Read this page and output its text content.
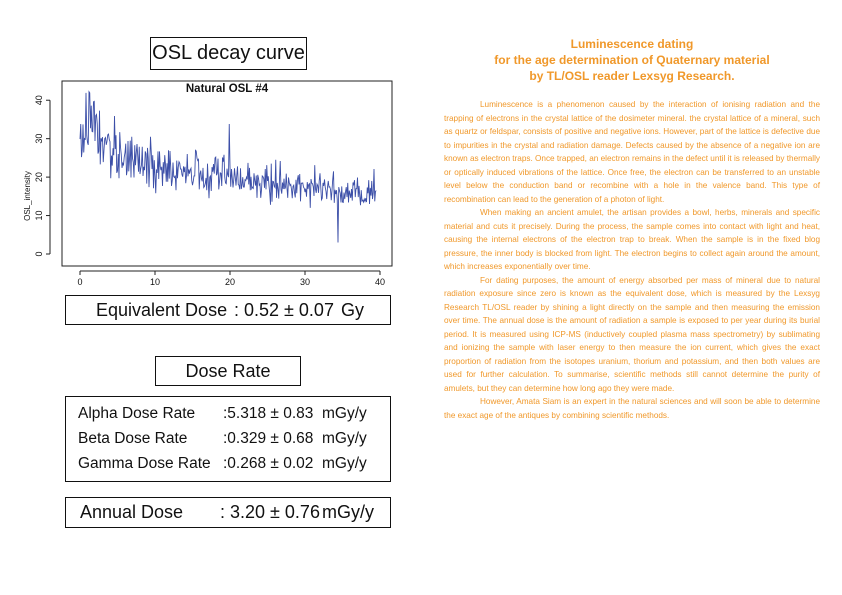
OSL decay curve
Natural OSL #4
OSL_intensity
0
10
20
30
40
0	10	20	30	40
Equivalent Dose : 0.52 ± 0.07 Gy
Dose Rate
Alpha Dose Rate :5.318 ± 0.83 mGy/y
Beta Dose Rate :0.329 ± 0.68 mGy/y
Gamma Dose Rate :0.268 ± 0.02 mGy/y
Annual Dose : 3.20 ± 0.76 mGy/y
Luminescence dating
for the age determination of Quaternary material
by TL/OSL reader Lexsyg Research.

Luminescence is a phenomenon caused by the interaction of ionising radiation and the trapping of electrons in the crystal lattice of the dosimeter mineral. the crystal lattice of a mineral, such as quartz or feldspar, consists of positive and negative ions. However, part of the lattice is defective due to impurities in the crystal and radiation damage. Defects caused by the absence of a negative ion are known as electron traps. Once trapped, an electron remains in the defect until it is released by thermally or optically induced vibrations of the lattice. Once free, the electron can be transferred to an unstable level below the conduction band or recombine with a hole in the valence band. This type of recombination can lead to the generation of a photon of light.

When making an ancient amulet, the artisan provides a bowl, herbs, minerals and specific material and cuts it precisely. During the process, the sample comes into contact with light and heat, causing the internal electrons of the electron trap to break. When the sample is in the fixed blog pressure, the inner body is blocked from light. The electron begins to collect again around the amount, which increases exponentially over time.

For dating purposes, the amount of energy absorbed per mass of mineral due to natural radiation exposure since zero is known as the equivalent dose, which is measured by the Lexsyg Research TL/OSL reader by shining a light directly on the sample and then measuring the emission over time. The annual dose is the amount of radiation a sample is exposed to per year during its burial period. It is measured using ICP-MS (inductively coupled plasma mass spectrometry) by sublimating and ionizing the sample with laser energy to then measure the ion current, which gives the exact proportion of radiation from the isotopes uranium, thorium and potassium, and then both values are used for further calculation. To summarise, scientific methods still cannot determine the purity of amulets, but they can determine how long ago they were made.

However, Amata Siam is an expert in the natural sciences and will soon be able to determine the exact age of the antiques by combining scientific methods.
